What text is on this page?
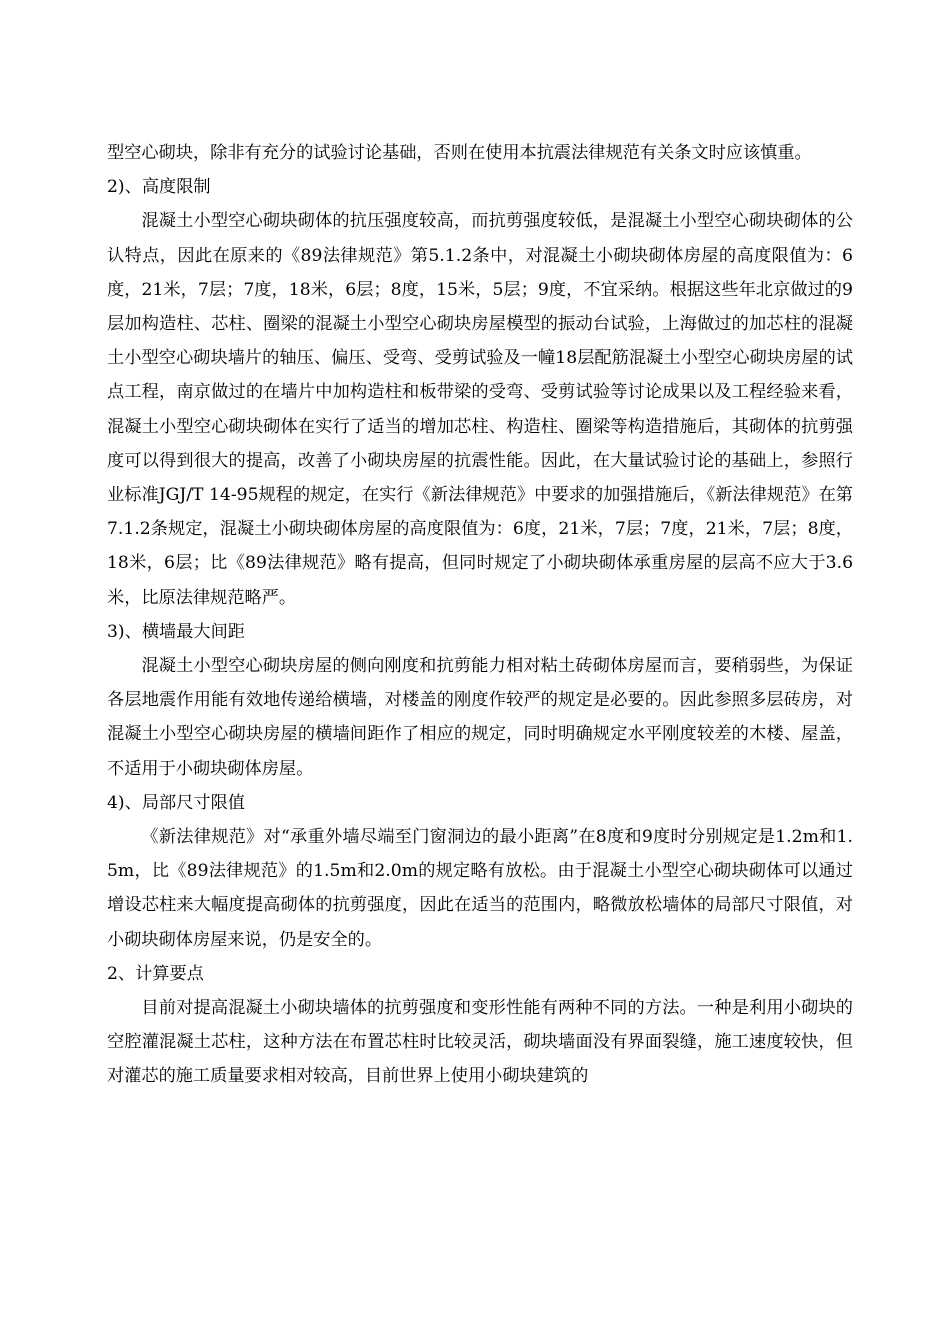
型空心砌块，除非有充分的试验讨论基础，否则在使用本抗震法律规范有关条文时应该慎重。

2)、高度限制

混凝土小型空心砌块砌体的抗压强度较高，而抗剪强度较低，是混凝土小型空心砌块砌体的公认特点，因此在原来的《89法律规范》第5.1.2条中，对混凝土小砌块砌体房屋的高度限值为：6度，21米，7层；7度，18米，6层；8度，15米，5层；9度，不宜采纳。根据这些年北京做过的9层加构造柱、芯柱、圈梁的混凝土小型空心砌块房屋模型的振动台试验，上海做过的加芯柱的混凝土小型空心砌块墙片的轴压、偏压、受弯、受剪试验及一幢18层配筋混凝土小型空心砌块房屋的试点工程，南京做过的在墙片中加构造柱和板带梁的受弯、受剪试验等讨论成果以及工程经验来看，混凝土小型空心砌块砌体在实行了适当的增加芯柱、构造柱、圈梁等构造措施后，其砌体的抗剪强度可以得到很大的提高，改善了小砌块房屋的抗震性能。因此，在大量试验讨论的基础上，参照行业标准JGJ/T 14-95规程的规定，在实行《新法律规范》中要求的加强措施后，《新法律规范》在第7.1.2条规定，混凝土小砌块砌体房屋的高度限值为：6度，21米，7层；7度，21米，7层；8度，18米，6层；比《89法律规范》略有提高，但同时规定了小砌块砌体承重房屋的层高不应大于3.6米，比原法律规范略严。

3)、横墙最大间距

混凝土小型空心砌块房屋的侧向刚度和抗剪能力相对粘土砖砌体房屋而言，要稍弱些，为保证各层地震作用能有效地传递给横墙，对楼盖的刚度作较严的规定是必要的。因此参照多层砖房，对混凝土小型空心砌块房屋的横墙间距作了相应的规定，同时明确规定水平刚度较差的木楼、屋盖，不适用于小砌块砌体房屋。

4)、局部尺寸限值

《新法律规范》对“承重外墙尽端至门窗洞边的最小距离”在8度和9度时分别规定是1.2m和1.5m，比《89法律规范》的1.5m和2.0m的规定略有放松。由于混凝土小型空心砌块砌体可以通过增设芯柱来大幅度提高砌体的抗剪强度，因此在适当的范围内，略微放松墙体的局部尺寸限值，对小砌块砌体房屋来说，仍是安全的。

2、计算要点

目前对提高混凝土小砌块墙体的抗剪强度和变形性能有两种不同的方法。一种是利用小砌块的空腔灌混凝土芯柱，这种方法在布置芯柱时比较灵活，砌块墙面没有界面裂缝，施工速度较快，但对灌芯的施工质量要求相对较高，目前世界上使用小砌块建筑的
